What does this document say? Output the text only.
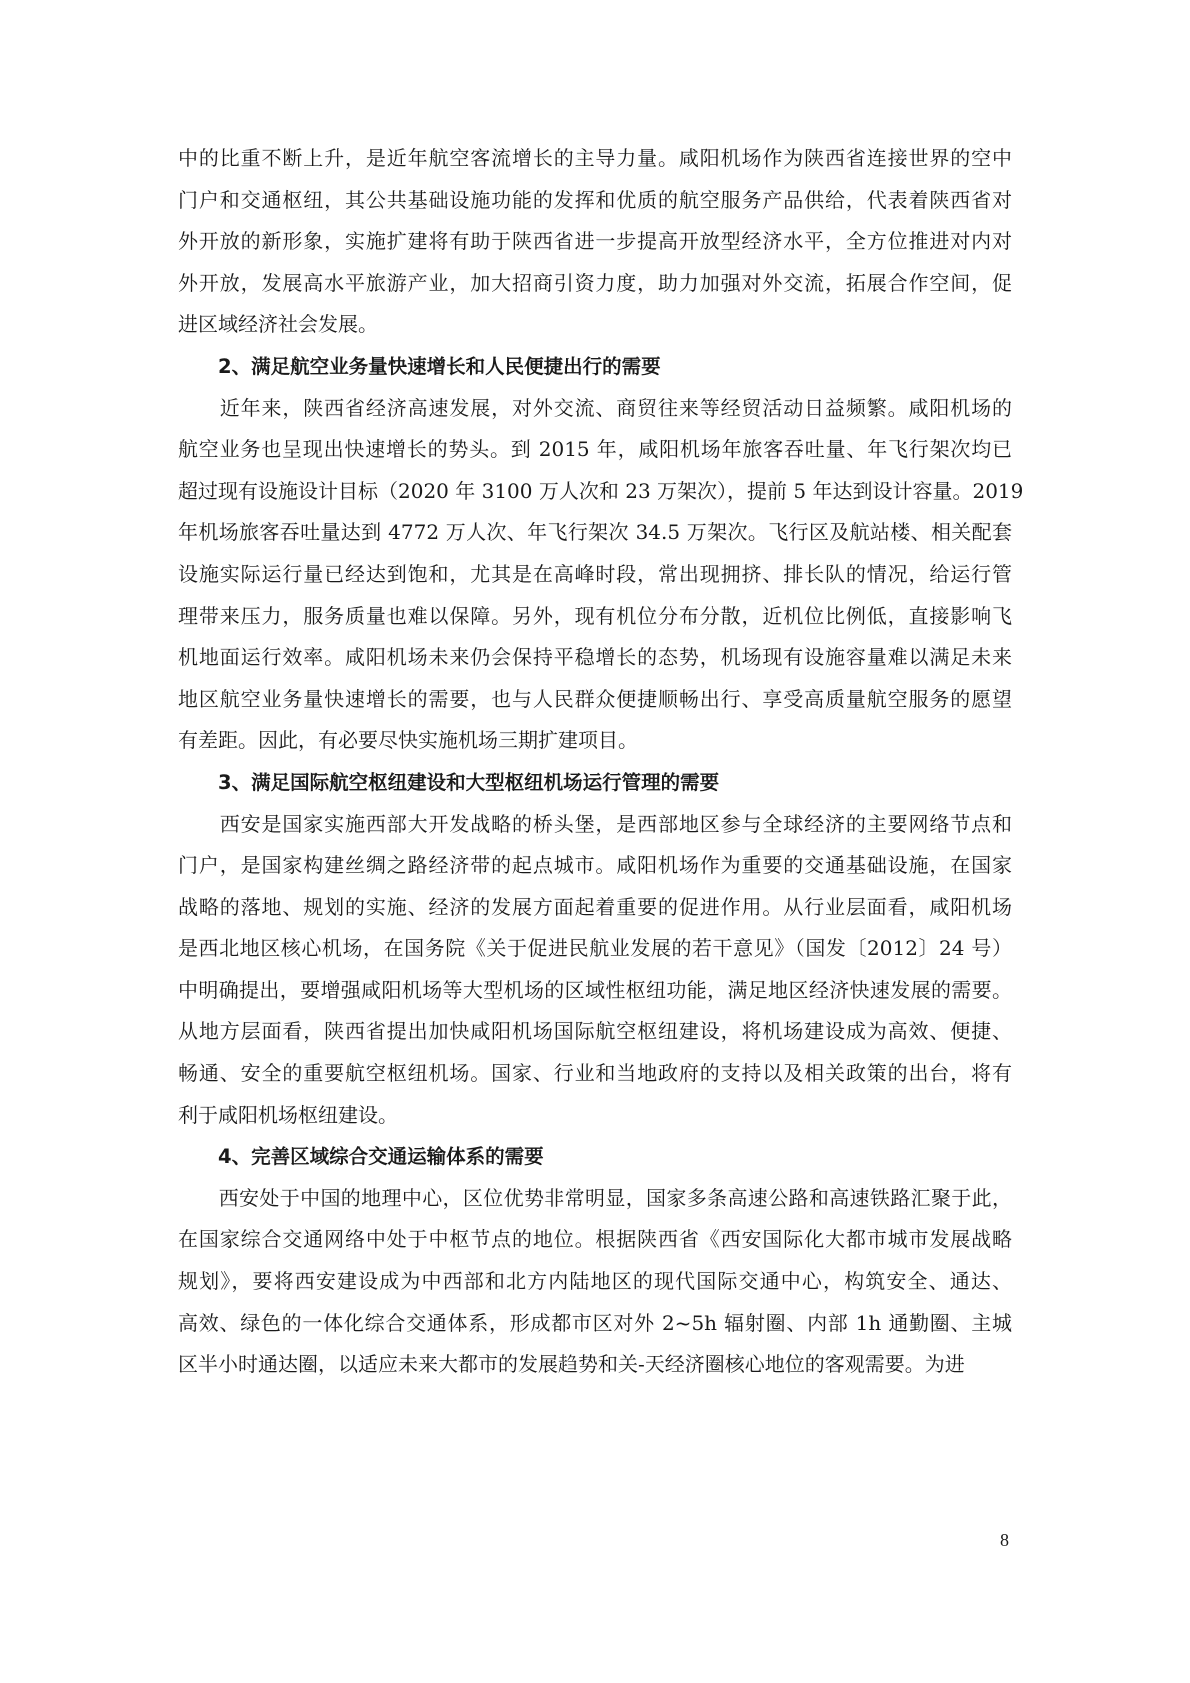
中的比重不断上升，是近年航空客流增长的主导力量。咸阳机场作为陕西省连接世界的空中
门户和交通枢纽，其公共基础设施功能的发挥和优质的航空服务产品供给，代表着陕西省对
外开放的新形象，实施扩建将有助于陕西省进一步提高开放型经济水平，全方位推进对内对
外开放，发展高水平旅游产业，加大招商引资力度，助力加强对外交流，拓展合作空间，促
进区域经济社会发展。
2、满足航空业务量快速增长和人民便捷出行的需要
　　近年来，陕西省经济高速发展，对外交流、商贸往来等经贸活动日益频繁。咸阳机场的
航空业务也呈现出快速增长的势头。到 2015 年，咸阳机场年旅客吞吐量、年飞行架次均已
超过现有设施设计目标（2020 年 3100 万人次和 23 万架次），提前 5 年达到设计容量。2019
年机场旅客吞吐量达到 4772 万人次、年飞行架次 34.5 万架次。飞行区及航站楼、相关配套
设施实际运行量已经达到饱和，尤其是在高峰时段，常出现拥挤、排长队的情况，给运行管
理带来压力，服务质量也难以保障。另外，现有机位分布分散，近机位比例低，直接影响飞
机地面运行效率。咸阳机场未来仍会保持平稳增长的态势，机场现有设施容量难以满足未来
地区航空业务量快速增长的需要，也与人民群众便捷顺畅出行、享受高质量航空服务的愿望
有差距。因此，有必要尽快实施机场三期扩建项目。
3、满足国际航空枢纽建设和大型枢纽机场运行管理的需要
　　西安是国家实施西部大开发战略的桥头堡，是西部地区参与全球经济的主要网络节点和
门户，是国家构建丝绸之路经济带的起点城市。咸阳机场作为重要的交通基础设施，在国家
战略的落地、规划的实施、经济的发展方面起着重要的促进作用。从行业层面看，咸阳机场
是西北地区核心机场，在国务院《关于促进民航业发展的若干意见》（国发〔2012〕24 号）
中明确提出，要增强咸阳机场等大型机场的区域性枢纽功能，满足地区经济快速发展的需要。
从地方层面看，陕西省提出加快咸阳机场国际航空枢纽建设，将机场建设成为高效、便捷、
畅通、安全的重要航空枢纽机场。国家、行业和当地政府的支持以及相关政策的出台，将有
利于咸阳机场枢纽建设。
4、完善区域综合交通运输体系的需要
　　西安处于中国的地理中心，区位优势非常明显，国家多条高速公路和高速铁路汇聚于此，
在国家综合交通网络中处于中枢节点的地位。根据陕西省《西安国际化大都市城市发展战略
规划》，要将西安建设成为中西部和北方内陆地区的现代国际交通中心，构筑安全、通达、
高效、绿色的一体化综合交通体系，形成都市区对外 2~5h 辐射圈、内部 1h 通勤圈、主城
区半小时通达圈，以适应未来大都市的发展趋势和关-天经济圈核心地位的客观需要。为进
8
